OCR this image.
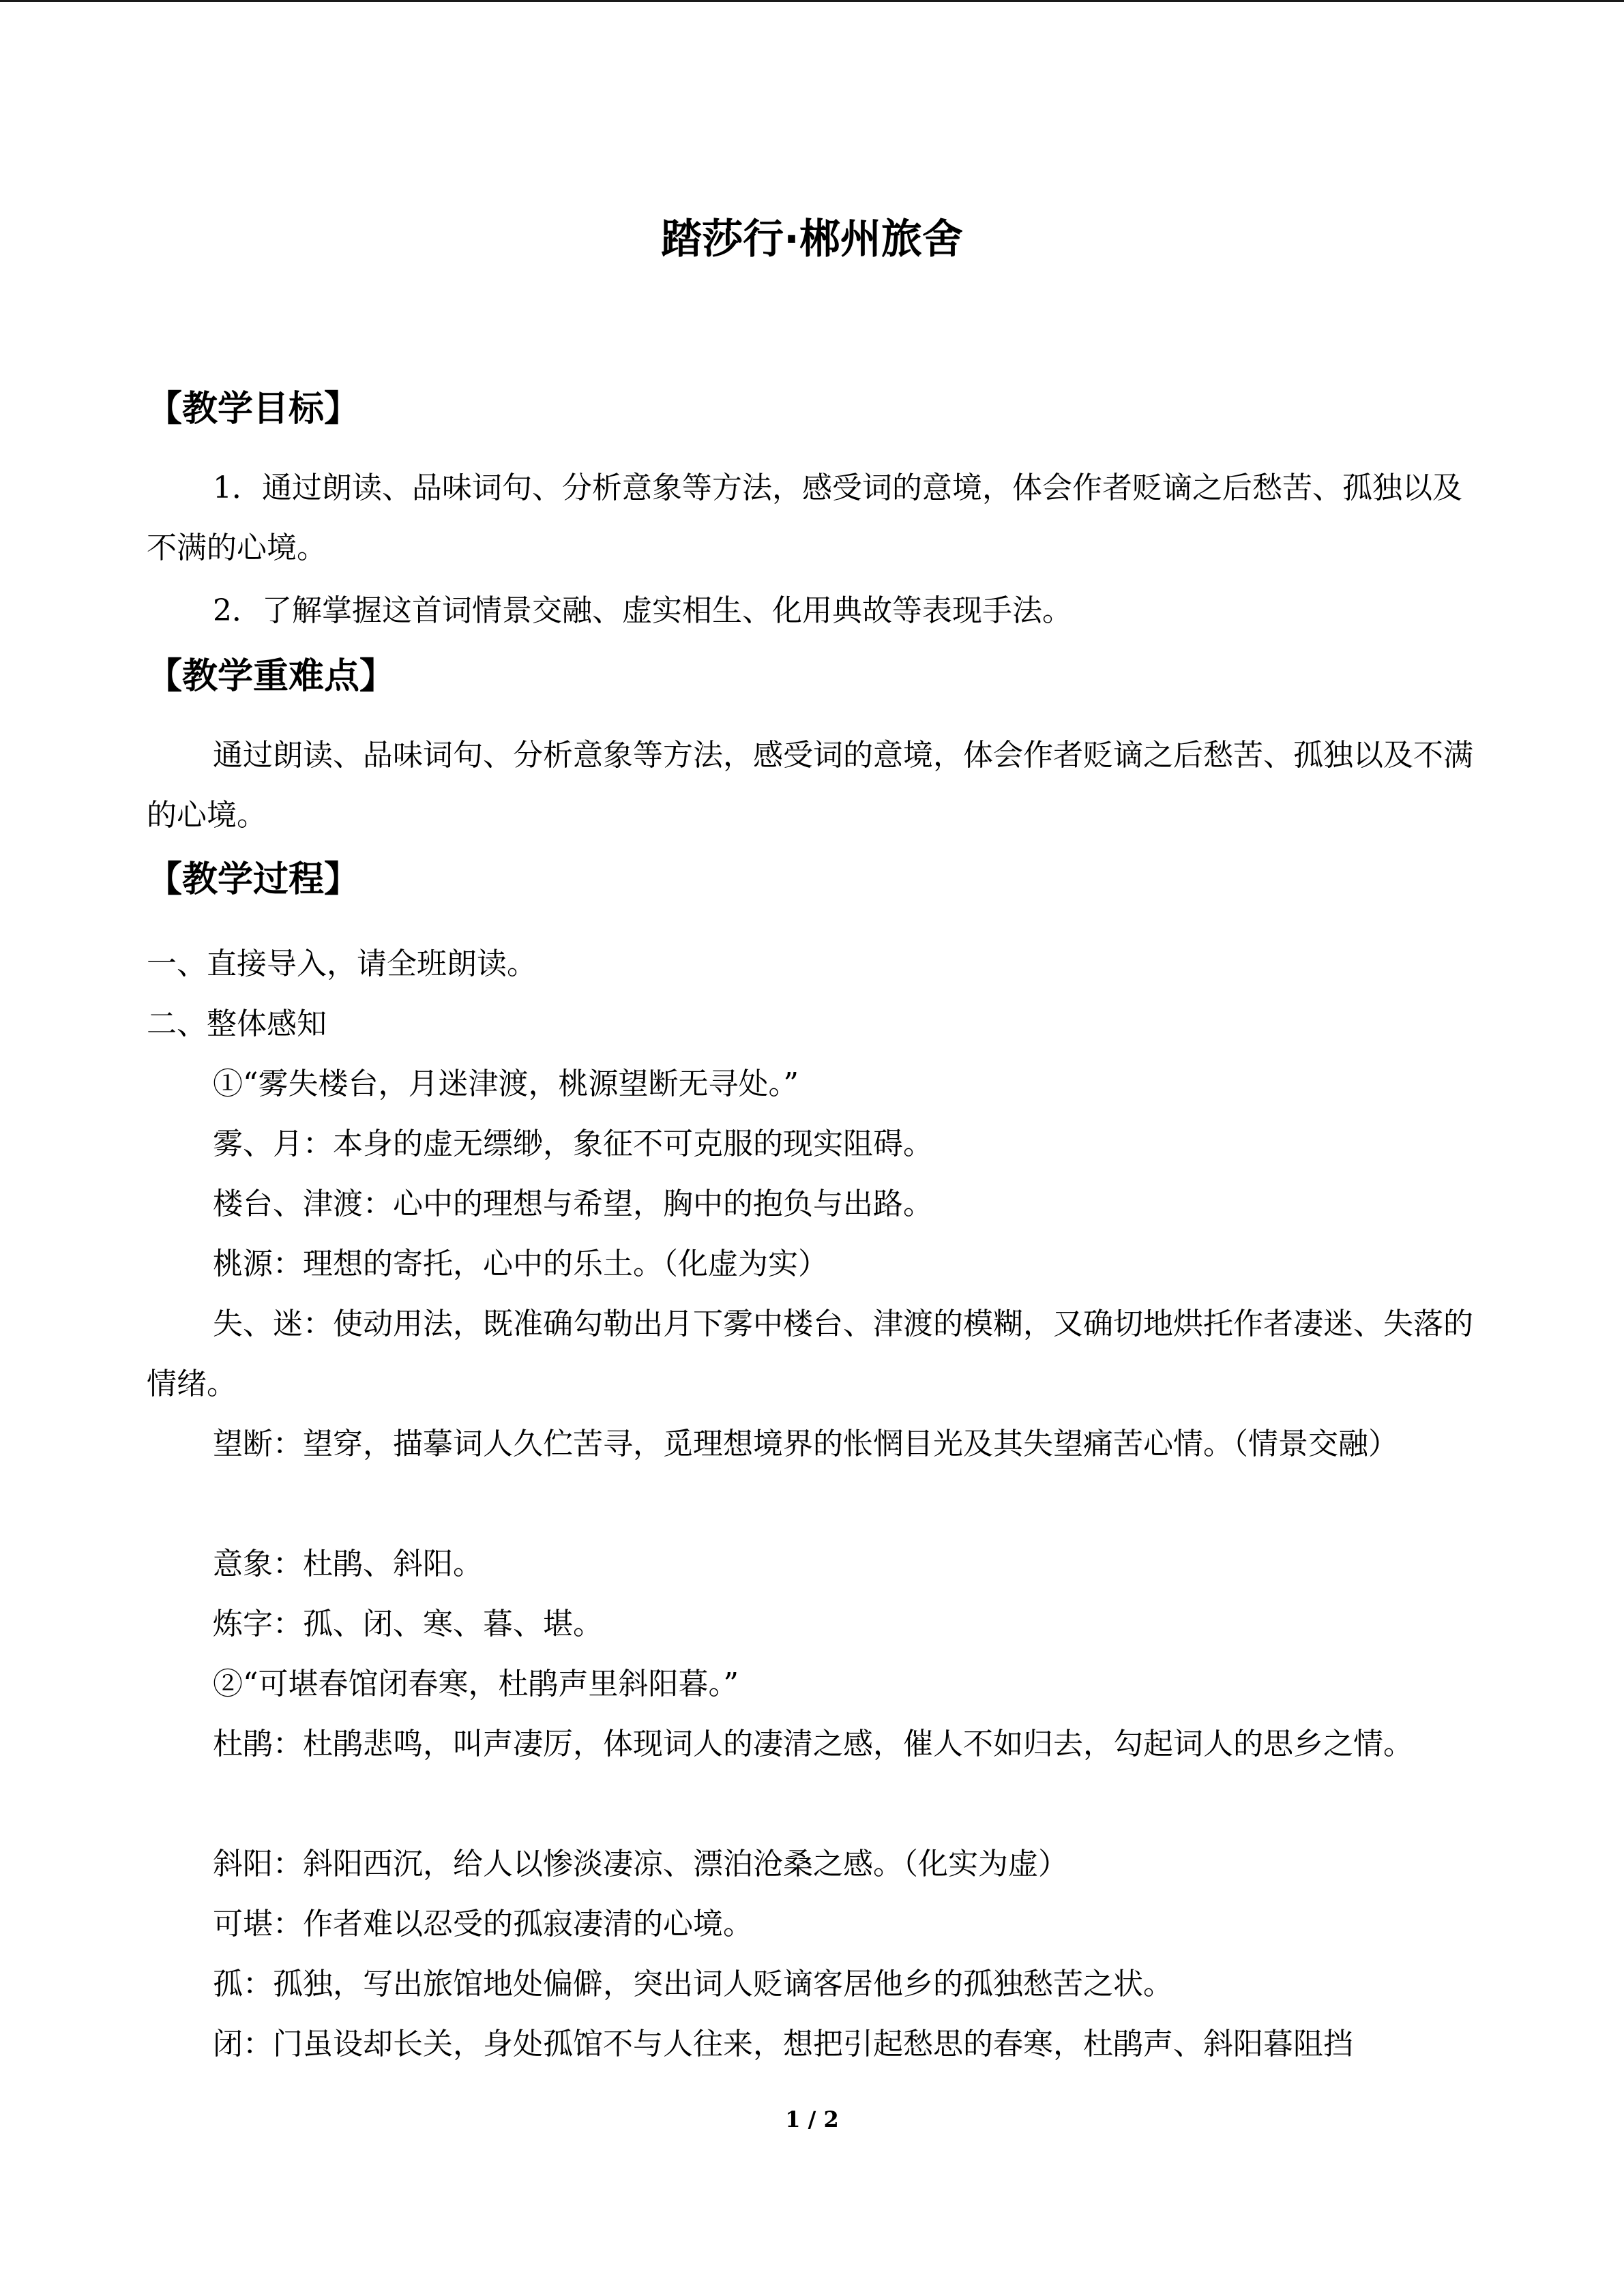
踏莎行·郴州旅舍
【教学目标】

1．通过朗读、品味词句、分析意象等方法，感受词的意境，体会作者贬谪之后愁苦、孤独以及不满的心境。

2．了解掌握这首词情景交融、虚实相生、化用典故等表现手法。

【教学重难点】

通过朗读、品味词句、分析意象等方法，感受词的意境，体会作者贬谪之后愁苦、孤独以及不满的心境。

【教学过程】

一、直接导入，请全班朗读。

二、整体感知

①“雾失楼台，月迷津渡，桃源望断无寻处。”

雾、月：本身的虚无缥缈，象征不可克服的现实阻碍。

楼台、津渡：心中的理想与希望，胸中的抱负与出路。

桃源：理想的寄托，心中的乐土。（化虚为实）

失、迷：使动用法，既准确勾勒出月下雾中楼台、津渡的模糊，又确切地烘托作者凄迷、失落的情绪。

望断：望穿，描摹词人久伫苦寻，觅理想境界的怅惘目光及其失望痛苦心情。（情景交融）

意象：杜鹃、斜阳。

炼字：孤、闭、寒、暮、堪。

②“可堪春馆闭春寒，杜鹃声里斜阳暮。”

杜鹃：杜鹃悲鸣，叫声凄厉，体现词人的凄清之感，催人不如归去，勾起词人的思乡之情。

斜阳：斜阳西沉，给人以惨淡凄凉、漂泊沧桑之感。（化实为虚）

可堪：作者难以忍受的孤寂凄清的心境。

孤：孤独，写出旅馆地处偏僻，突出词人贬谪客居他乡的孤独愁苦之状。

闭：门虽设却长关，身处孤馆不与人往来，想把引起愁思的春寒，杜鹃声、斜阳暮阻挡

1 / 2
